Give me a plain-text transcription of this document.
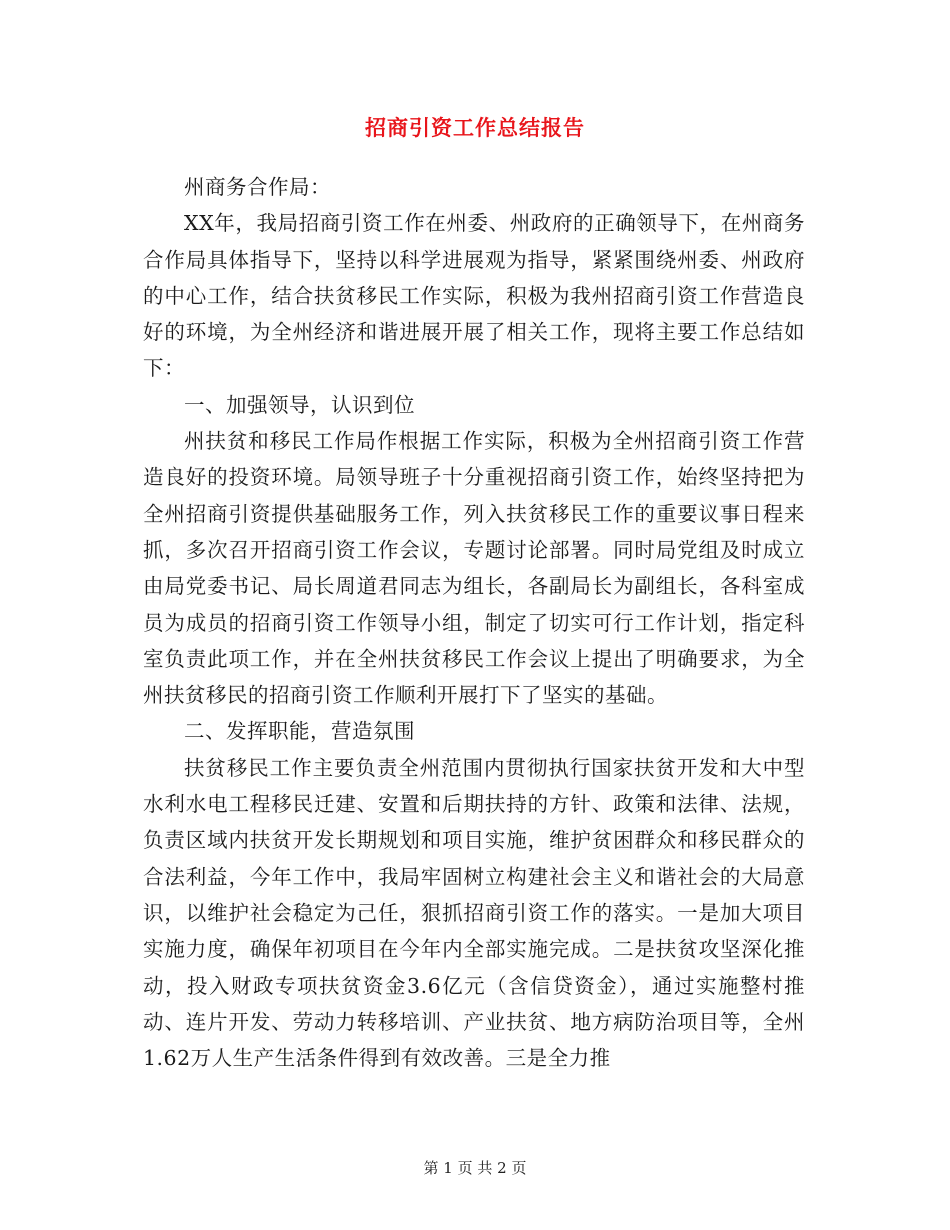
招商引资工作总结报告

州商务合作局：

XX年，我局招商引资工作在州委、州政府的正确领导下，在州商务合作局具体指导下，坚持以科学进展观为指导，紧紧围绕州委、州政府的中心工作，结合扶贫移民工作实际，积极为我州招商引资工作营造良好的环境，为全州经济和谐进展开展了相关工作，现将主要工作总结如下：

一、加强领导，认识到位

州扶贫和移民工作局作根据工作实际，积极为全州招商引资工作营造良好的投资环境。局领导班子十分重视招商引资工作，始终坚持把为全州招商引资提供基础服务工作，列入扶贫移民工作的重要议事日程来抓，多次召开招商引资工作会议，专题讨论部署。同时局党组及时成立由局党委书记、局长周道君同志为组长，各副局长为副组长，各科室成员为成员的招商引资工作领导小组，制定了切实可行工作计划，指定科室负责此项工作，并在全州扶贫移民工作会议上提出了明确要求，为全州扶贫移民的招商引资工作顺利开展打下了坚实的基础。

二、发挥职能，营造氛围

扶贫移民工作主要负责全州范围内贯彻执行国家扶贫开发和大中型水利水电工程移民迁建、安置和后期扶持的方针、政策和法律、法规，负责区域内扶贫开发长期规划和项目实施，维护贫困群众和移民群众的合法利益，今年工作中，我局牢固树立构建社会主义和谐社会的大局意识，以维护社会稳定为己任，狠抓招商引资工作的落实。一是加大项目实施力度，确保年初项目在今年内全部实施完成。二是扶贫攻坚深化推动，投入财政专项扶贫资金3.6亿元（含信贷资金），通过实施整村推动、连片开发、劳动力转移培训、产业扶贫、地方病防治项目等，全州1.62万人生产生活条件得到有效改善。三是全力推

第 1 页 共 2 页
